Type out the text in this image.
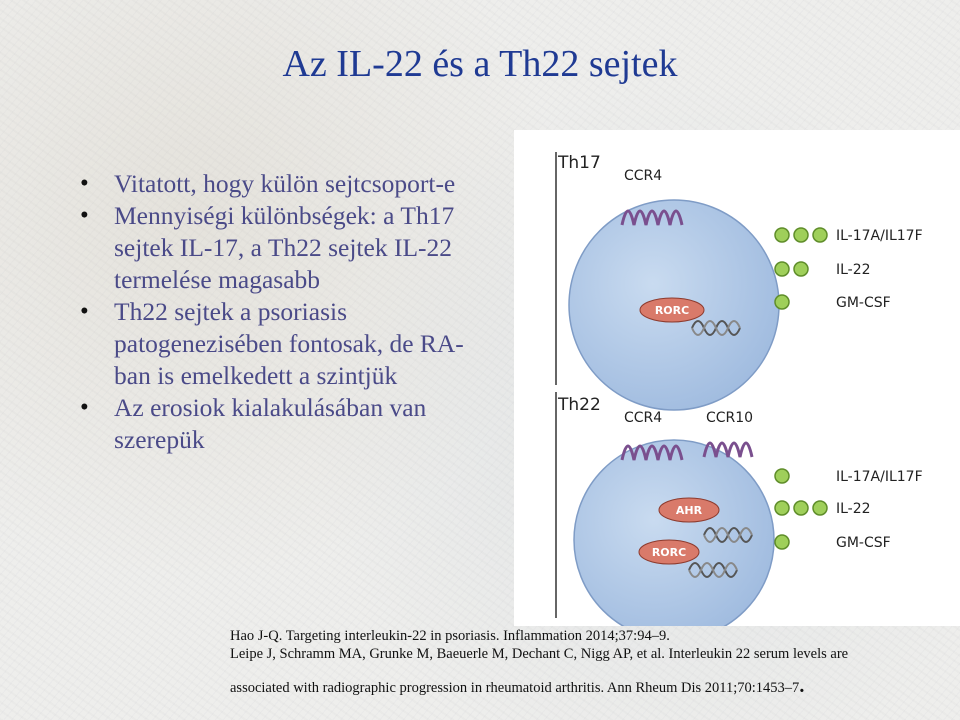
Az IL-22 és a Th22 sejtek
• Vitatott, hogy külön sejtcsoport-e
• Mennyiségi különbségek: a Th17 sejtek IL-17, a Th22 sejtek IL-22 termelése magasabb
• Th22 sejtek a psoriasis patogenezisében fontosak, de RA-ban is emelkedett a szintjük
• Az erosiok kialakulásában van szerepük
Th17
CCR4
RORC
IL-17A/IL17F
IL-22
GM-CSF
Th22
CCR4	CCR10
AHR
RORC
IL-17A/IL17F
IL-22
GM-CSF
Hao J-Q. Targeting interleukin-22 in psoriasis. Inflammation 2014;37:94–9.
Leipe J, Schramm MA, Grunke M, Baeuerle M, Dechant C, Nigg AP, et al. Interleukin 22 serum levels are
associated with radiographic progression in rheumatoid arthritis. Ann Rheum Dis 2011;70:1453–7.
